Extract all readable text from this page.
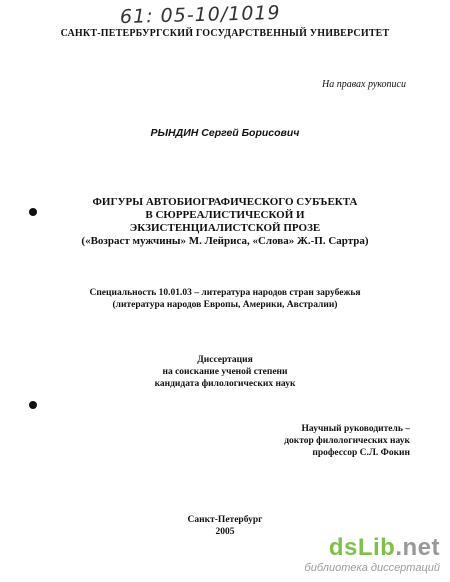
61: 05-10/1019
САНКТ-ПЕТЕРБУРГСКИЙ ГОСУДАРСТВЕННЫЙ УНИВЕРСИТЕТ
На правах рукописи
РЫНДИН Сергей Борисович
ФИГУРЫ АВТОБИОГРАФИЧЕСКОГО СУБЪЕКТА
В СЮРРЕАЛИСТИЧЕСКОЙ И
ЭКЗИСТЕНЦИАЛИСТСКОЙ ПРОЗЕ
(«Возраст мужчины» М. Лейриса, «Слова» Ж.-П. Сартра)
Специальность 10.01.03 – литература народов стран зарубежья
(литература народов Европы, Америки, Австралии)
Диссертация
на соискание ученой степени
кандидата филологических наук
Научный руководитель –
доктор филологических наук
профессор С.Л. Фокин
Санкт-Петербург
2005
dsLib.net
библиотека диссертаций
